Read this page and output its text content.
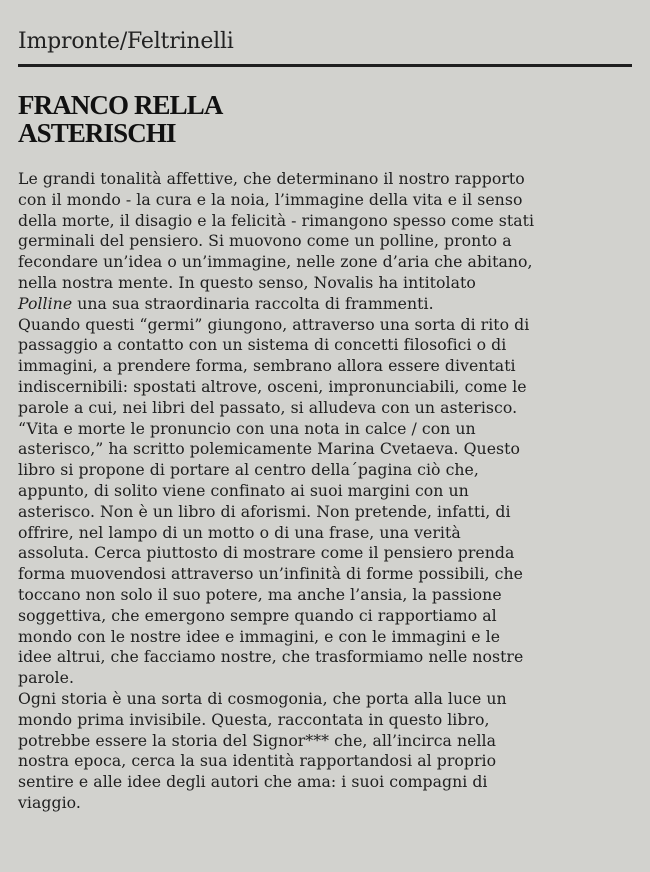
Impronte/Feltrinelli
FRANCO RELLA
ASTERISCHI
Le grandi tonalità affettive, che determinano il nostro rapporto
con il mondo - la cura e la noia, l’immagine della vita e il senso
della morte, il disagio e la felicità - rimangono spesso come stati
germinali del pensiero. Si muovono come un polline, pronto a
fecondare un’idea o un’immagine, nelle zone d’aria che abitano,
nella nostra mente. In questo senso, Novalis ha intitolato
Polline una sua straordinaria raccolta di frammenti.
Quando questi “germi” giungono, attraverso una sorta di rito di
passaggio a contatto con un sistema di concetti filosofici o di
immagini, a prendere forma, sembrano allora essere diventati
indiscernibili: spostati altrove, osceni, impronunciabili, come le
parole a cui, nei libri del passato, si alludeva con un asterisco.
“Vita e morte le pronuncio con una nota in calce / con un
asterisco,” ha scritto polemicamente Marina Cvetaeva. Questo
libro si propone di portare al centro della´pagina ciò che,
appunto, di solito viene confinato ai suoi margini con un
asterisco. Non è un libro di aforismi. Non pretende, infatti, di
offrire, nel lampo di un motto o di una frase, una verità
assoluta. Cerca piuttosto di mostrare come il pensiero prenda
forma muovendosi attraverso un’infinità di forme possibili, che
toccano non solo il suo potere, ma anche l’ansia, la passione
soggettiva, che emergono sempre quando ci rapportiamo al
mondo con le nostre idee e immagini, e con le immagini e le
idee altrui, che facciamo nostre, che trasformiamo nelle nostre
parole.
Ogni storia è una sorta di cosmogonia, che porta alla luce un
mondo prima invisibile. Questa, raccontata in questo libro,
potrebbe essere la storia del Signor*** che, all’incirca nella
nostra epoca, cerca la sua identità rapportandosi al proprio
sentire e alle idee degli autori che ama: i suoi compagni di
viaggio.
